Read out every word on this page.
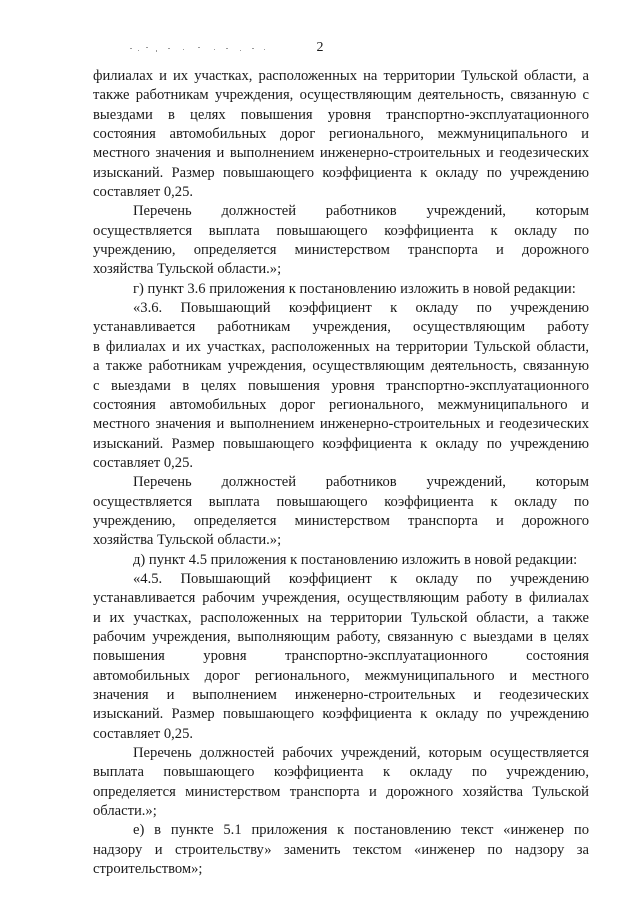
2
филиалах и их участках, расположенных на территории Тульской области, а
также работникам учреждения, осуществляющим деятельность, связанную с
выездами в целях повышения уровня транспортно-эксплуатационного
состояния автомобильных дорог регионального, межмуниципального и
местного значения и выполнением инженерно-строительных и геодезических
изысканий. Размер повышающего коэффициента к окладу по учреждению
составляет 0,25.
Перечень должностей работников учреждений, которым
осуществляется выплата повышающего коэффициента к окладу по
учреждению, определяется министерством транспорта и дорожного
хозяйства Тульской области.»;
г) пункт 3.6 приложения к постановлению изложить в новой редакции:
«3.6. Повышающий коэффициент к окладу по учреждению
устанавливается работникам учреждения, осуществляющим работу
в филиалах и их участках, расположенных на территории Тульской области,
а также работникам учреждения, осуществляющим деятельность, связанную
с выездами в целях повышения уровня транспортно-эксплуатационного
состояния автомобильных дорог регионального, межмуниципального и
местного значения и выполнением инженерно-строительных и геодезических
изысканий. Размер повышающего коэффициента к окладу по учреждению
составляет 0,25.
Перечень должностей работников учреждений, которым
осуществляется выплата повышающего коэффициента к окладу по
учреждению, определяется министерством транспорта и дорожного
хозяйства Тульской области.»;
д) пункт 4.5 приложения к постановлению изложить в новой редакции:
«4.5. Повышающий коэффициент к окладу по учреждению
устанавливается рабочим учреждения, осуществляющим работу в филиалах
и их участках, расположенных на территории Тульской области, а также
рабочим учреждения, выполняющим работу, связанную с выездами в целях
повышения уровня транспортно-эксплуатационного состояния
автомобильных дорог регионального, межмуниципального и местного
значения и выполнением инженерно-строительных и геодезических
изысканий. Размер повышающего коэффициента к окладу по учреждению
составляет 0,25.
Перечень должностей рабочих учреждений, которым осуществляется
выплата повышающего коэффициента к окладу по учреждению,
определяется министерством транспорта и дорожного хозяйства Тульской
области.»;
е) в пункте 5.1 приложения к постановлению текст «инженер по
надзору и строительству» заменить текстом «инженер по надзору за
строительством»;
